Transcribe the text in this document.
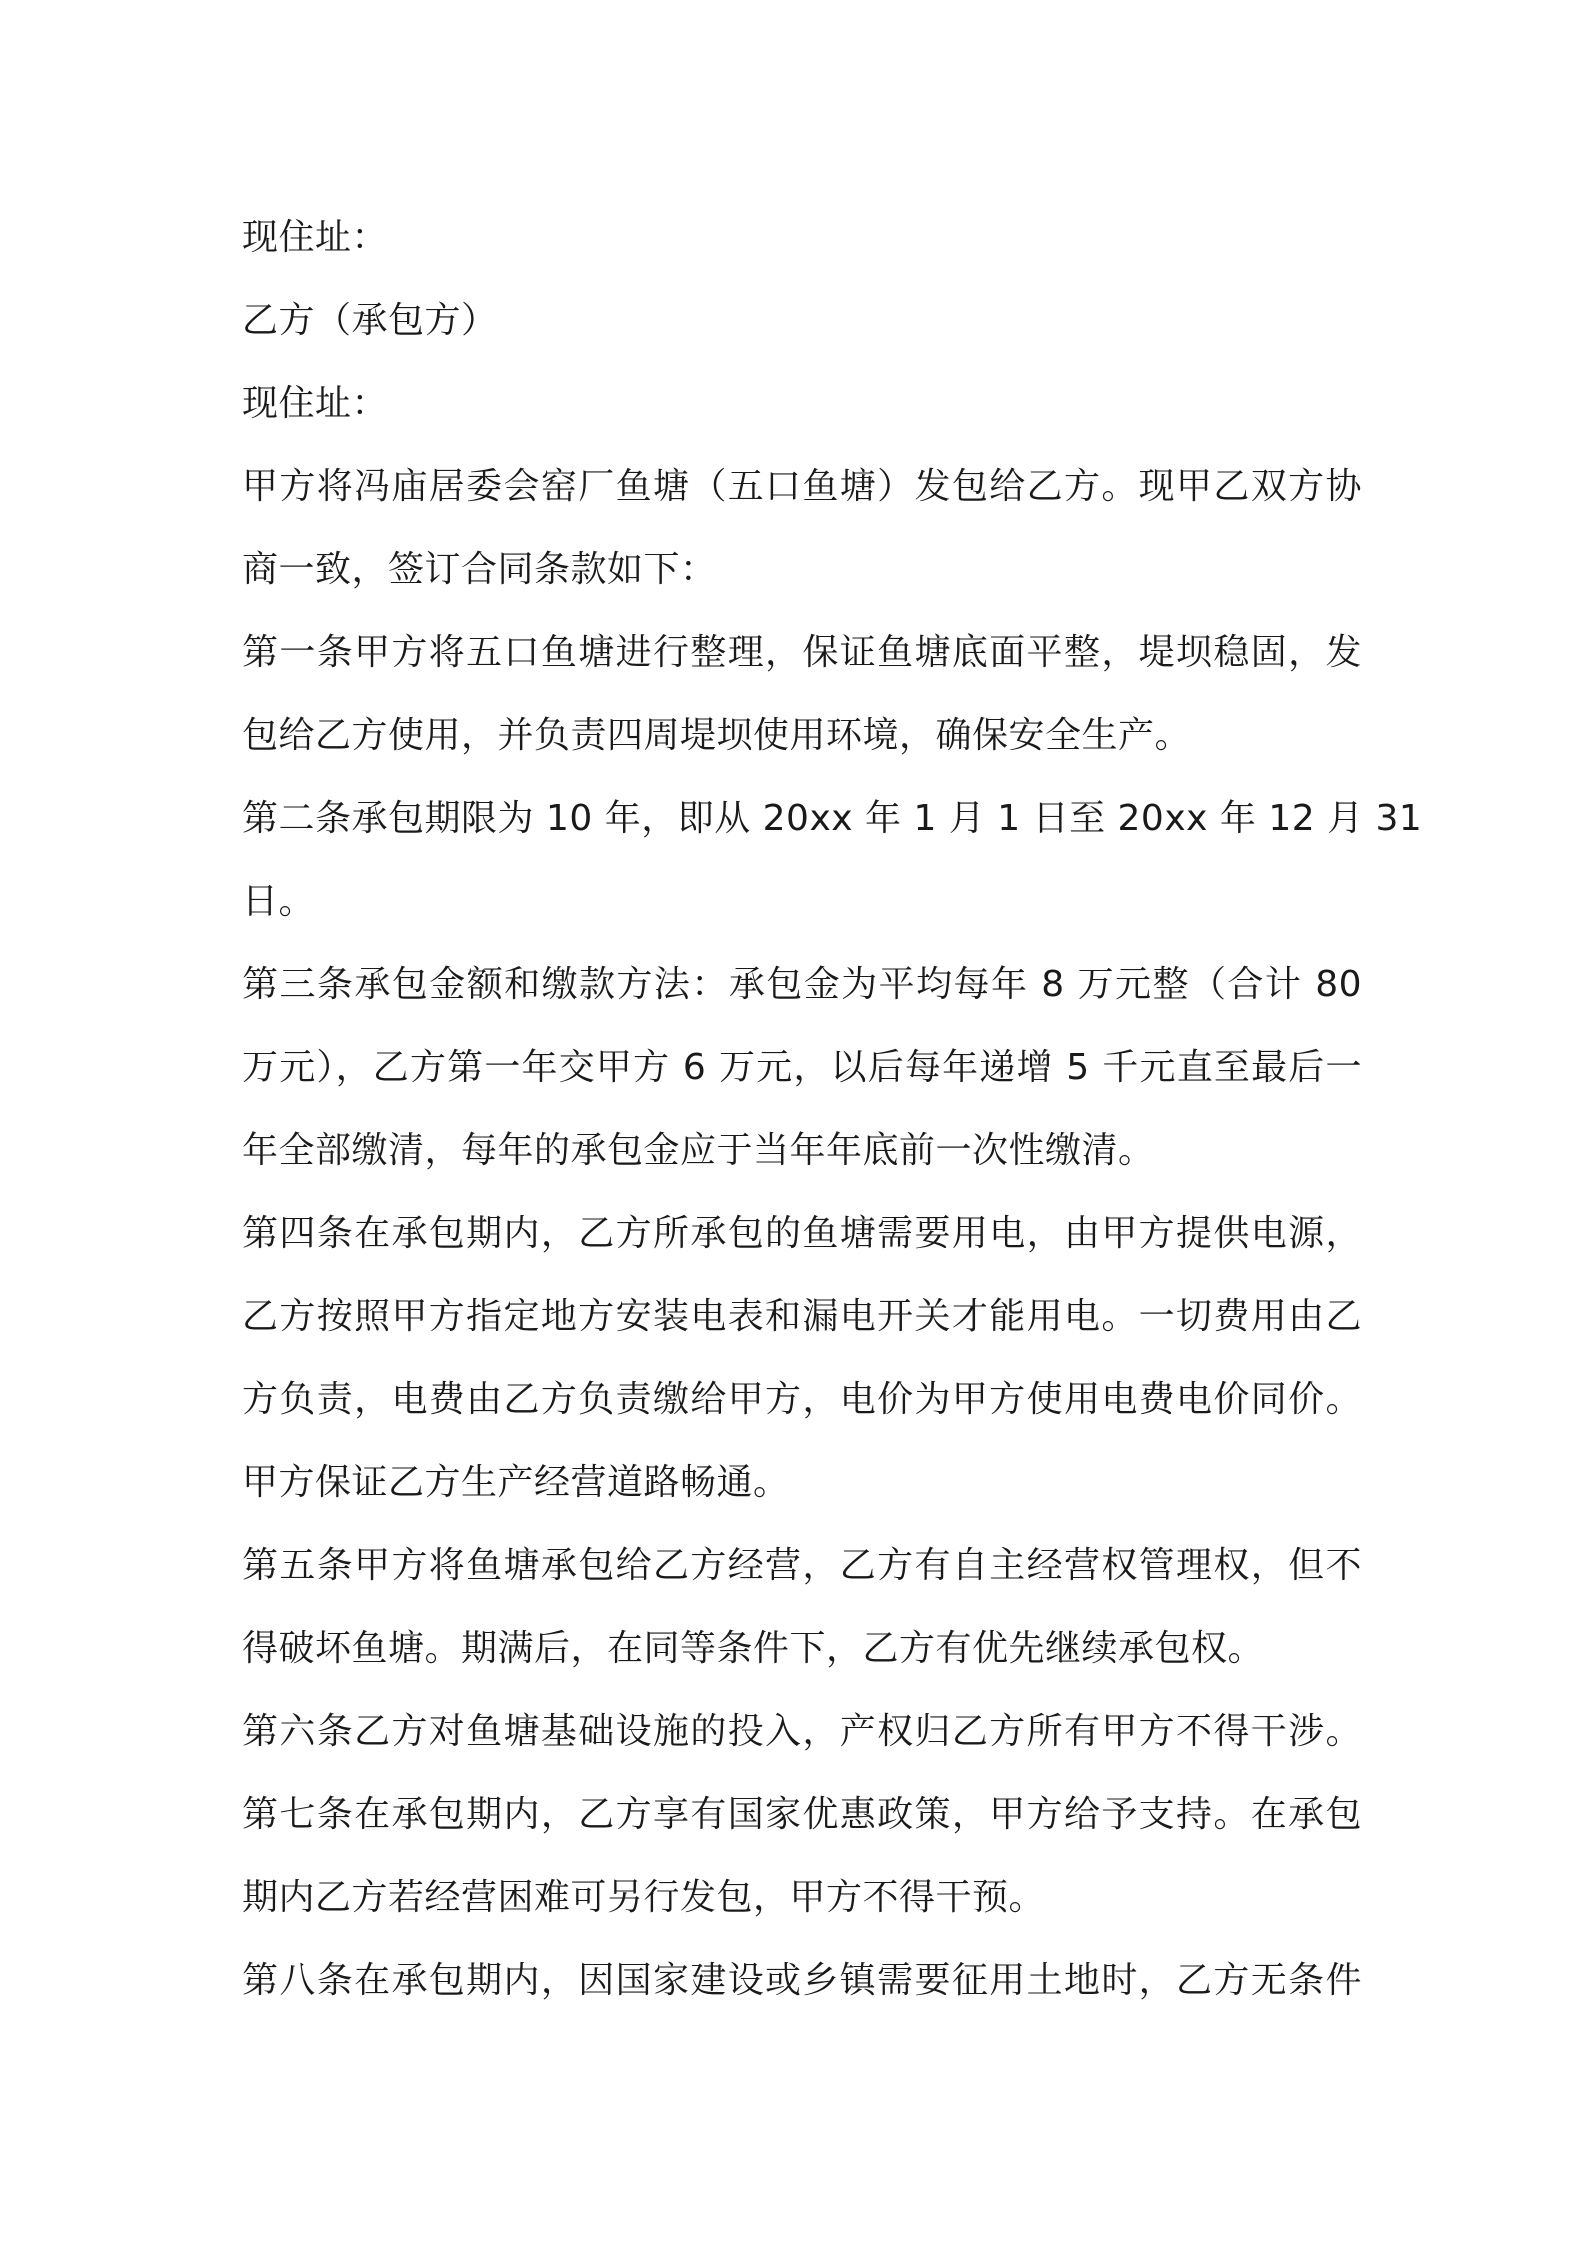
现住址：
乙方（承包方）
现住址：
甲方将冯庙居委会窑厂鱼塘（五口鱼塘）发包给乙方。现甲乙双方协
商一致，签订合同条款如下：
第一条甲方将五口鱼塘进行整理，保证鱼塘底面平整，堤坝稳固，发
包给乙方使用，并负责四周堤坝使用环境，确保安全生产。
第二条承包期限为 10 年，即从 20xx 年 1 月 1 日至 20xx 年 12 月 31
日。
第三条承包金额和缴款方法：承包金为平均每年 8 万元整（合计 80
万元），乙方第一年交甲方 6 万元，以后每年递增 5 千元直至最后一
年全部缴清，每年的承包金应于当年年底前一次性缴清。
第四条在承包期内，乙方所承包的鱼塘需要用电，由甲方提供电源，
乙方按照甲方指定地方安装电表和漏电开关才能用电。一切费用由乙
方负责，电费由乙方负责缴给甲方，电价为甲方使用电费电价同价。
甲方保证乙方生产经营道路畅通。
第五条甲方将鱼塘承包给乙方经营，乙方有自主经营权管理权，但不
得破坏鱼塘。期满后，在同等条件下，乙方有优先继续承包权。
第六条乙方对鱼塘基础设施的投入，产权归乙方所有甲方不得干涉。
第七条在承包期内，乙方享有国家优惠政策，甲方给予支持。在承包
期内乙方若经营困难可另行发包，甲方不得干预。
第八条在承包期内，因国家建设或乡镇需要征用土地时，乙方无条件
